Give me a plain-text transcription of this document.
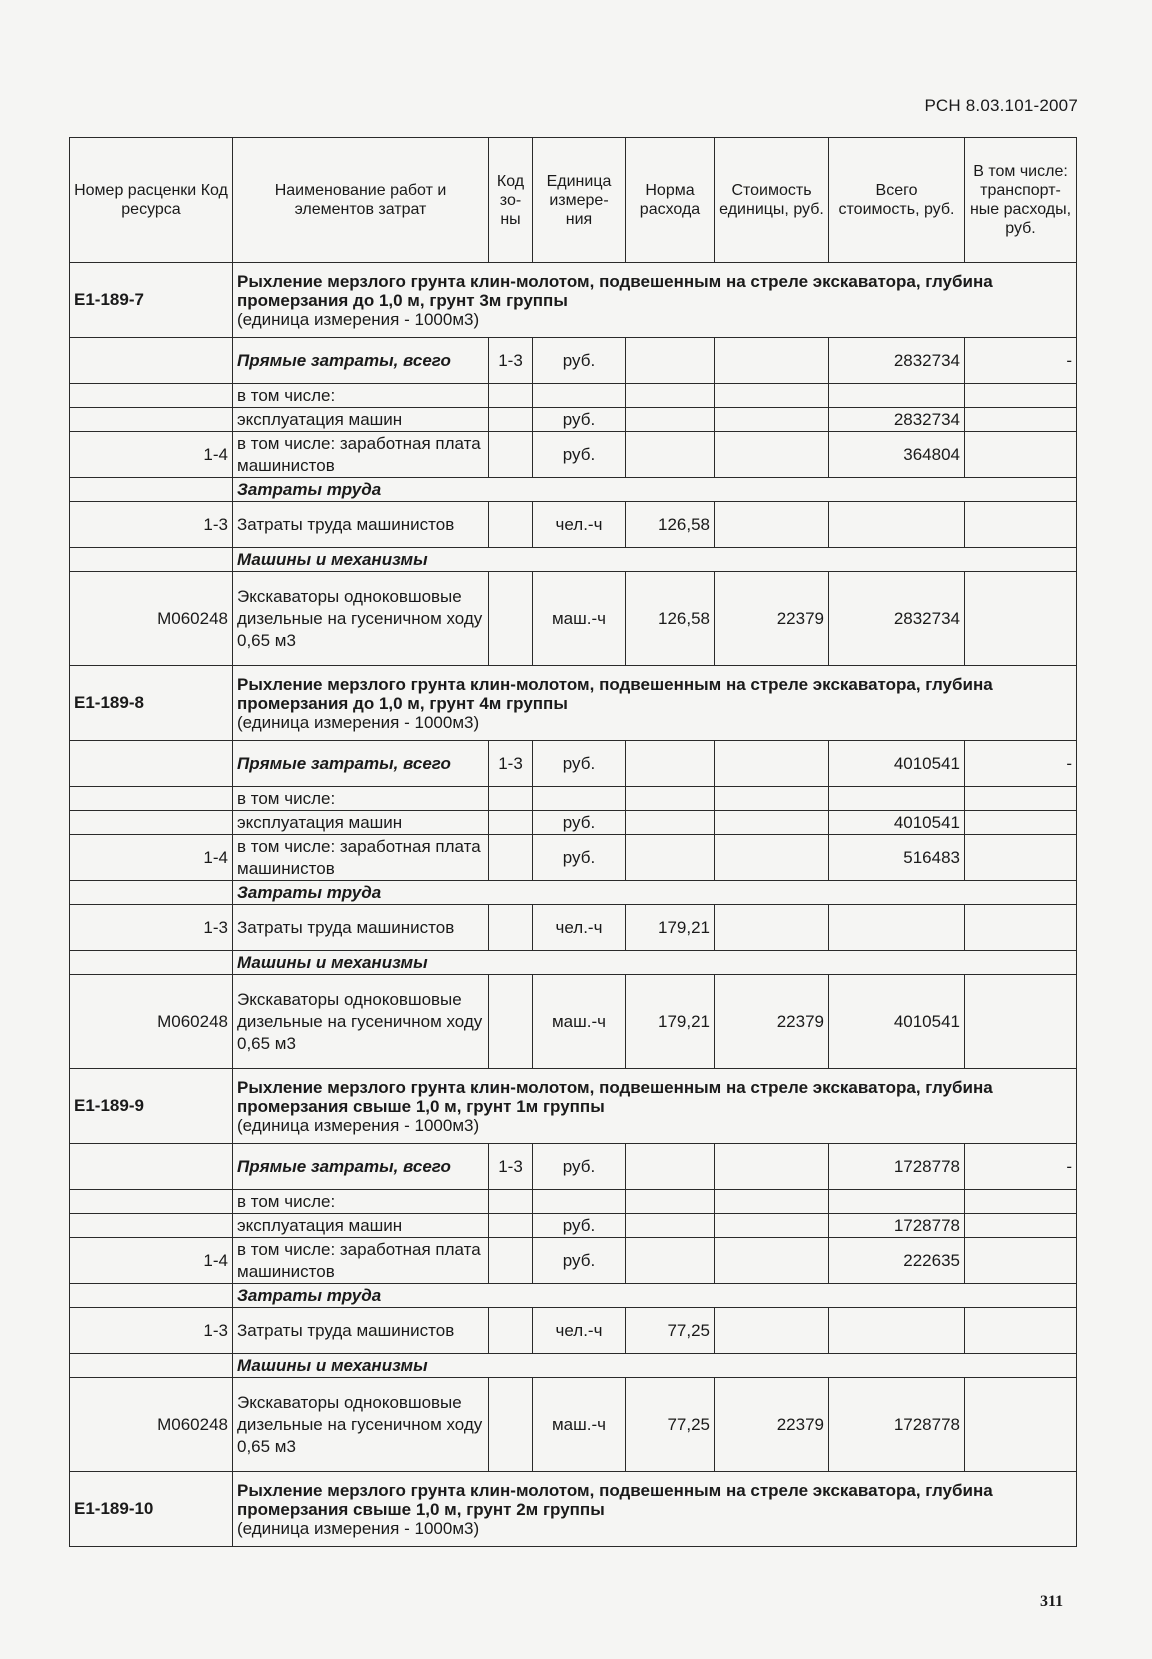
РСН 8.03.101-2007
Номер расценки Код ресурса	Наименование работ и элементов затрат	Код зо- ны	Единица измере- ния	Норма расхода	Стоимость единицы, руб.	Всего стоимость, руб.	В том числе: транспорт- ные расходы, руб.
Е1-189-7	Рыхление мерзлого грунта клин-молотом, подвешенным на стреле экскаватора, глубина промерзания до 1,0 м, грунт 3м группы
(единица измерения - 1000м3)						

	Прямые затраты, всего	1-3	руб.			2832734	-
	в том числе:						
	эксплуатация машин		руб.			2832734	
1-4	в том числе: заработная плата машинистов		руб.			364804	
	Затраты труда						
1-3	Затраты труда машинистов		чел.-ч	126,58			
	Машины и механизмы						
М060248	Экскаваторы одноковшовые дизельные на гусеничном ходу 0,65 м3		маш.-ч	126,58	22379	2832734	
Е1-189-8	Рыхление мерзлого грунта клин-молотом, подвешенным на стреле экскаватора, глубина промерзания до 1,0 м, грунт 4м группы
(единица измерения - 1000м3)						

	Прямые затраты, всего	1-3	руб.			4010541	-
	в том числе:						
	эксплуатация машин		руб.			4010541	
1-4	в том числе: заработная плата машинистов		руб.			516483	
	Затраты труда						
1-3	Затраты труда машинистов		чел.-ч	179,21			
	Машины и механизмы						
М060248	Экскаваторы одноковшовые дизельные на гусеничном ходу 0,65 м3		маш.-ч	179,21	22379	4010541	
Е1-189-9	Рыхление мерзлого грунта клин-молотом, подвешенным на стреле экскаватора, глубина промерзания свыше 1,0 м, грунт 1м группы
(единица измерения - 1000м3)						

	Прямые затраты, всего	1-3	руб.			1728778	-
	в том числе:						
	эксплуатация машин		руб.			1728778	
1-4	в том числе: заработная плата машинистов		руб.			222635	
	Затраты труда						
1-3	Затраты труда машинистов		чел.-ч	77,25			
	Машины и механизмы						
М060248	Экскаваторы одноковшовые дизельные на гусеничном ходу 0,65 м3		маш.-ч	77,25	22379	1728778	
Е1-189-10	Рыхление мерзлого грунта клин-молотом, подвешенным на стреле экскаватора, глубина промерзания свыше 1,0 м, грунт 2м группы
(единица измерения - 1000м3)						
311
